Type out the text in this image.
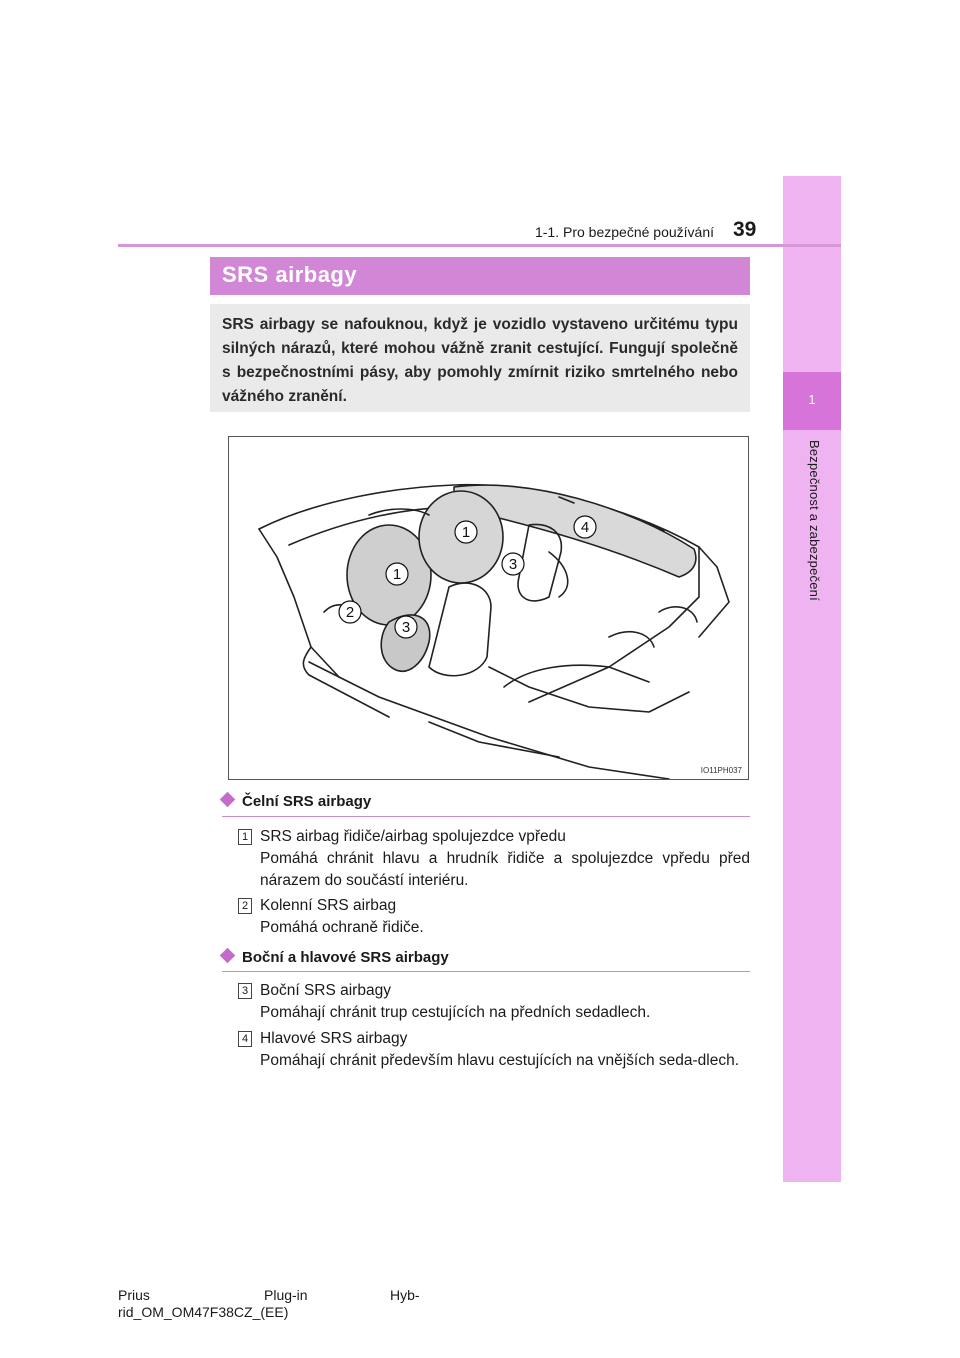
1
Bezpečnost a zabezpečení
1-1. Pro bezpečné používání 39
SRS airbagy

SRS airbagy se nafouknou, když je vozidlo vystaveno určitému typu silných nárazů, které mohou vážně zranit cestující. Fungují společně s bezpečnostními pásy, aby pomohly zmírnit riziko smrtelného nebo vážného zranění.

1
1
2
3
3
4
IO11PH037
Čelní SRS airbagy
1 SRS airbag řidiče/airbag spolujezdce vpředu
Pomáhá chránit hlavu a hrudník řidiče a spolujezdce vpředu před nárazem do součástí interiéru.
2 Kolenní SRS airbag
Pomáhá ochraně řidiče.
Boční a hlavové SRS airbagy
3 Boční SRS airbagy
Pomáhají chránit trup cestujících na předních sedadlech.
4 Hlavové SRS airbagy
Pomáhají chránit především hlavu cestujících na vnějších seda-dlech.
Prius	Plug-in	Hyb-
rid_OM_OM47F38CZ_(EE)
